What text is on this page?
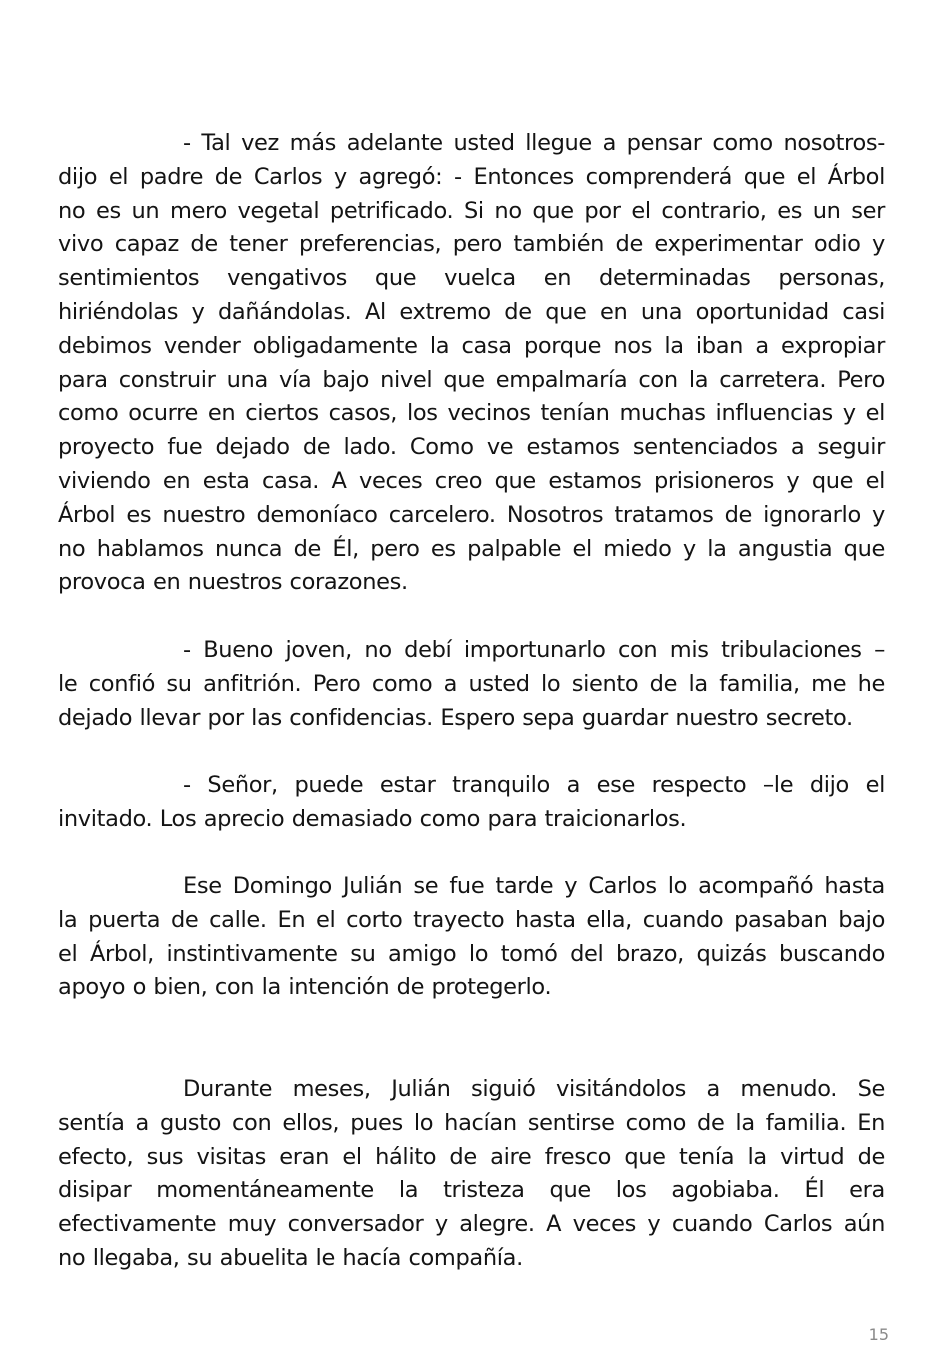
- Tal vez más adelante usted llegue a pensar como nosotros-
dijo el padre de Carlos y agregó: - Entonces comprenderá que el Árbol
no es un mero vegetal petrificado. Si no que por el contrario, es un ser
vivo capaz de tener preferencias, pero también de experimentar odio y
sentimientos vengativos que vuelca en determinadas personas,
hiriéndolas y dañándolas. Al extremo de que en una oportunidad casi
debimos vender obligadamente la casa porque nos la iban a expropiar
para construir una vía bajo nivel que empalmaría con la carretera. Pero
como ocurre en ciertos casos, los vecinos tenían muchas influencias y el
proyecto fue dejado de lado. Como ve estamos sentenciados a seguir
viviendo en esta casa. A veces creo que estamos prisioneros y que el
Árbol es nuestro demoníaco carcelero. Nosotros tratamos de ignorarlo y
no hablamos nunca de Él, pero es palpable el miedo y la angustia que
provoca en nuestros corazones.
- Bueno joven, no debí importunarlo con mis tribulaciones –
le confió su anfitrión. Pero como a usted lo siento de la familia, me he
dejado llevar por las confidencias. Espero sepa guardar nuestro secreto.
- Señor, puede estar tranquilo a ese respecto –le dijo el
invitado. Los aprecio demasiado como para traicionarlos.
Ese Domingo Julián se fue tarde y Carlos lo acompañó hasta
la puerta de calle. En el corto trayecto hasta ella, cuando pasaban bajo
el Árbol, instintivamente su amigo lo tomó del brazo, quizás buscando
apoyo o bien, con la intención de protegerlo.
Durante meses, Julián siguió visitándolos a menudo. Se
sentía a gusto con ellos, pues lo hacían sentirse como de la familia. En
efecto, sus visitas eran el hálito de aire fresco que tenía la virtud de
disipar momentáneamente la tristeza que los agobiaba. Él era
efectivamente muy conversador y alegre. A veces y cuando Carlos aún
no llegaba, su abuelita le hacía compañía.
15
